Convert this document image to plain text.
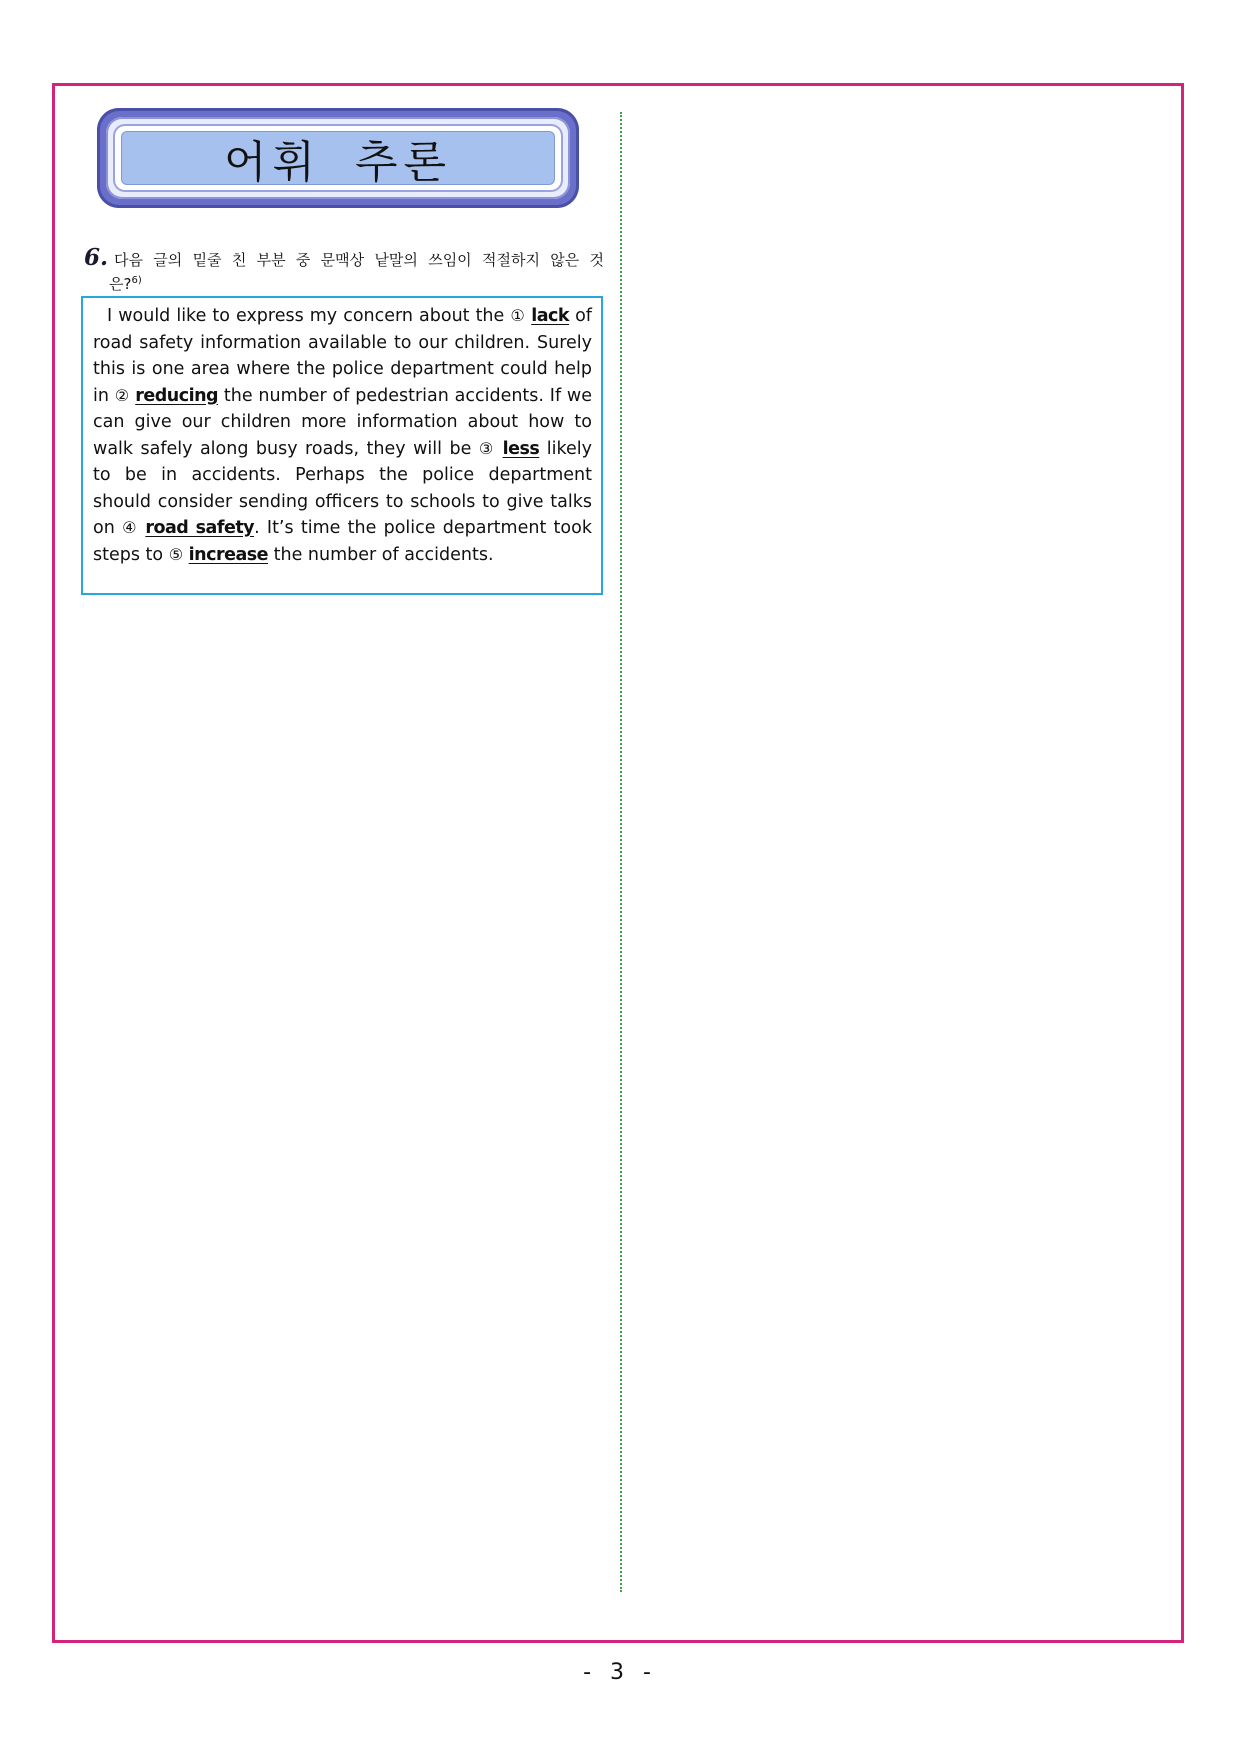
어휘 추론
6. 다음 글의 밑줄 친 부분 중 문맥상 낱말의 쓰임이 적절하지 않은 것
은?$^{6)}$

I would like to express my concern about the ① lack of road safety information available to our children. Surely this is one area where the police department could help in ② reducing the number of pedestrian accidents. If we can give our children more information about how to walk safely along busy roads, they will be ③ less likely to be in accidents. Perhaps the police department should consider sending officers to schools to give talks on ④ road safety. It’s time the police department took steps to ⑤ increase the number of accidents.

- 3 -
